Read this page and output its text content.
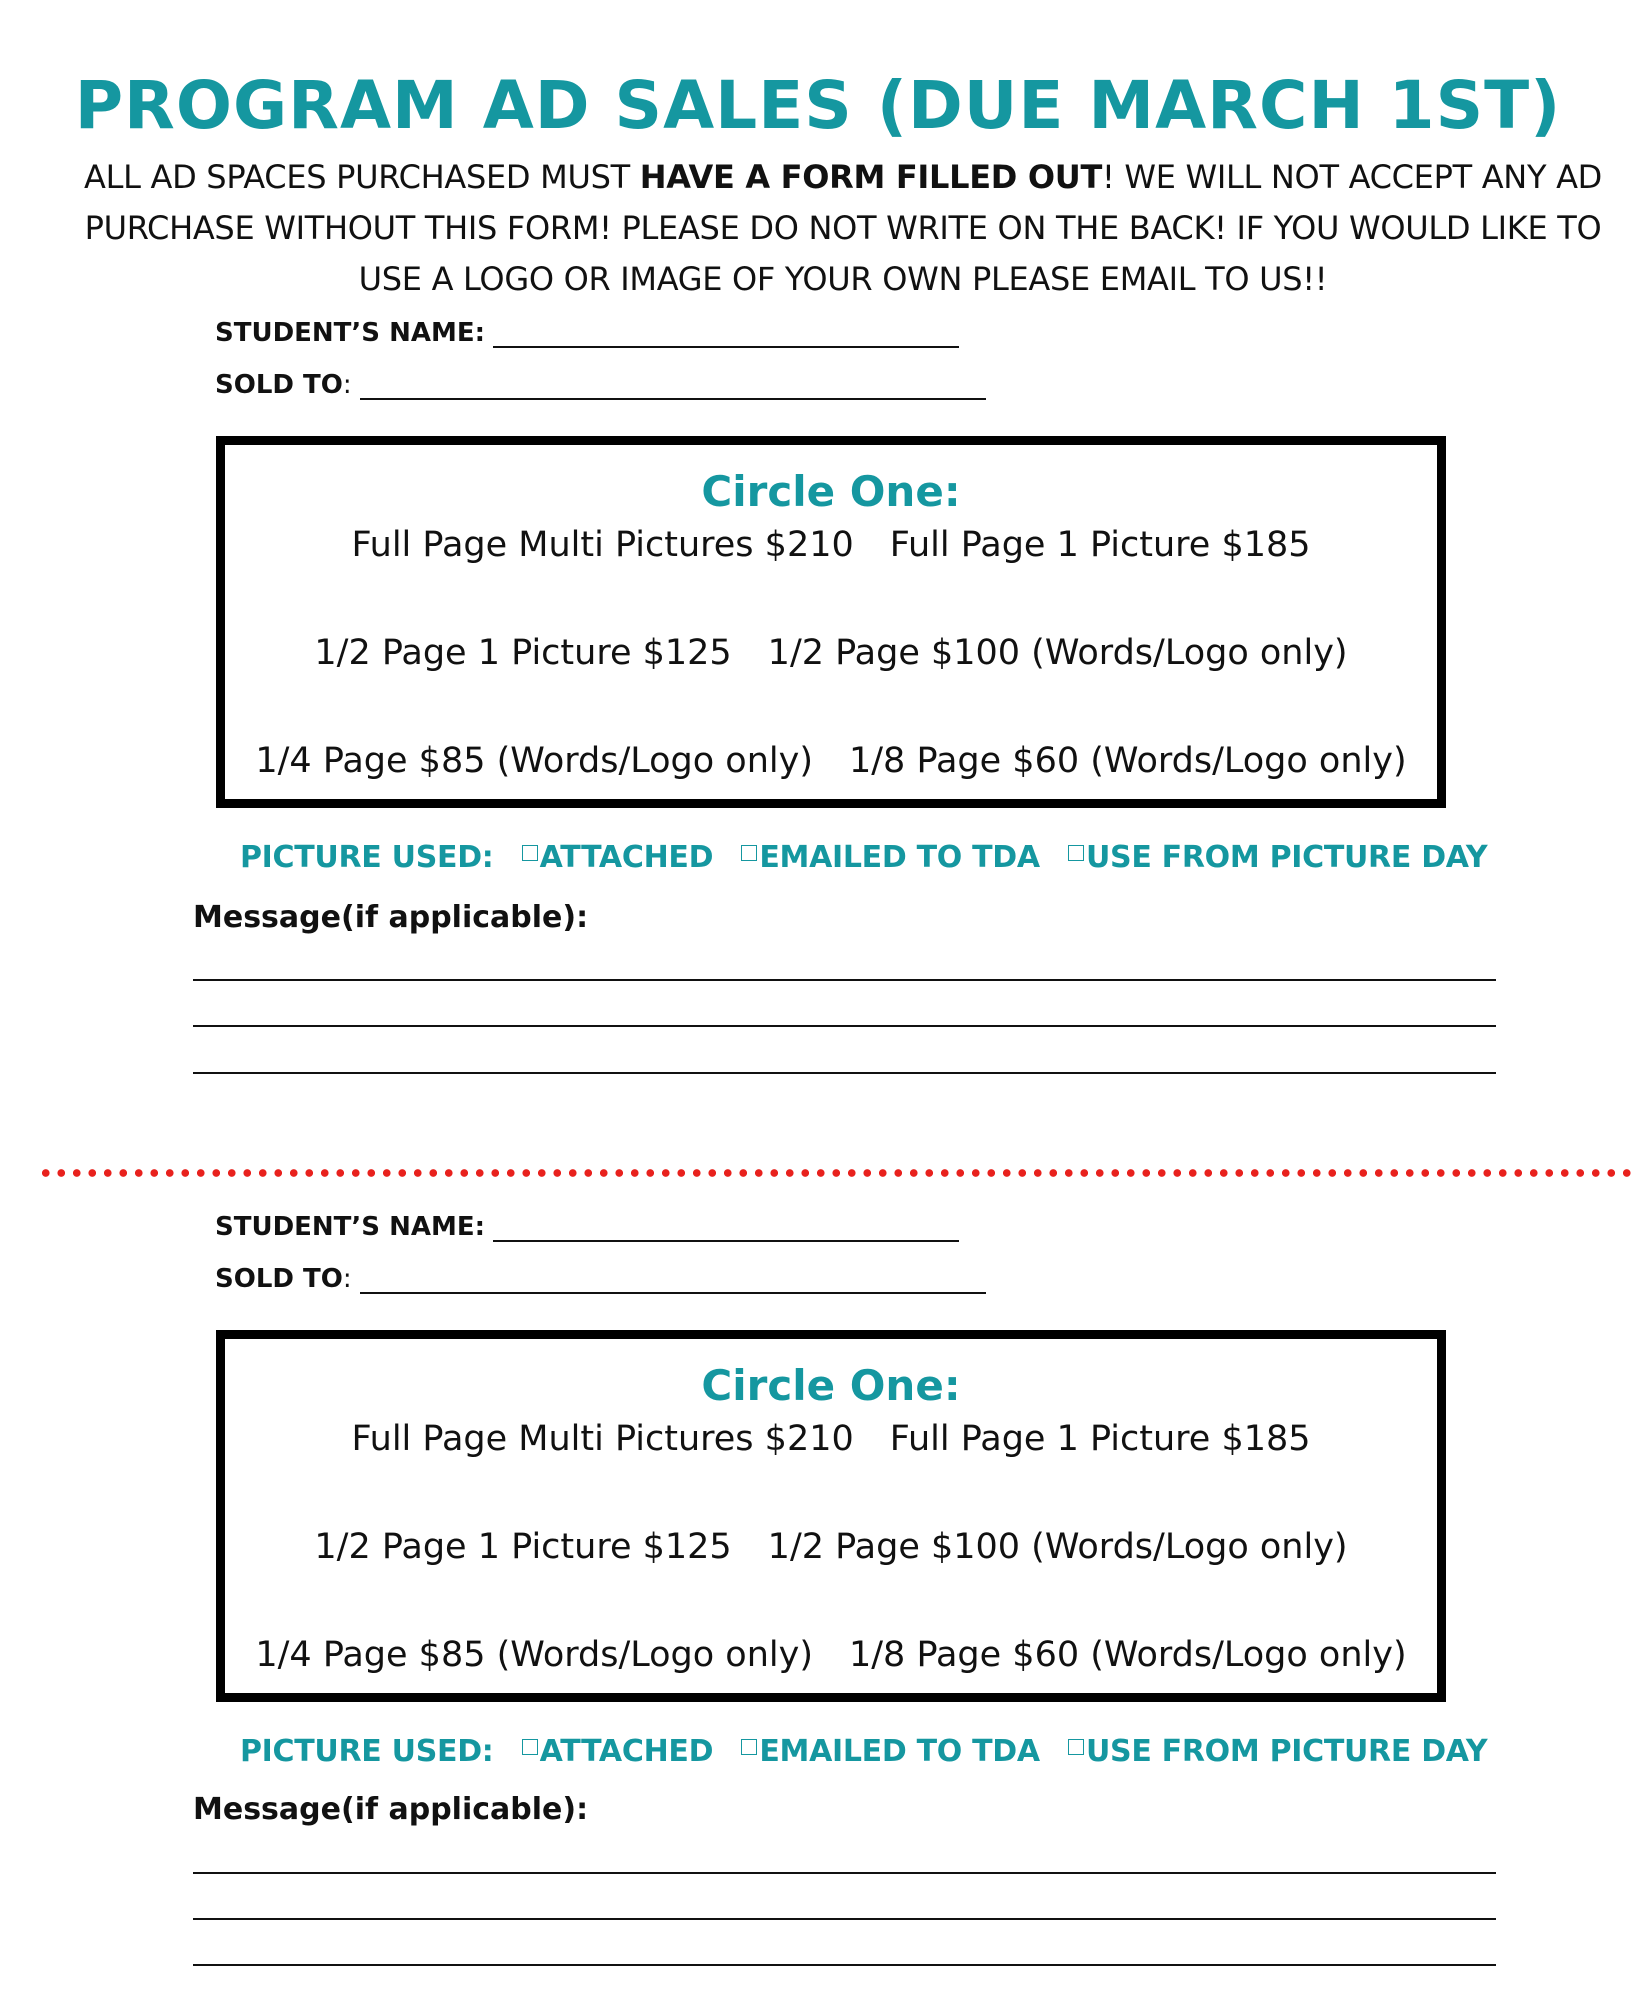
PROGRAM AD SALES (DUE MARCH 1ST)
ALL AD SPACES PURCHASED MUST HAVE A FORM FILLED OUT! WE WILL NOT ACCEPT ANY AD PURCHASE WITHOUT THIS FORM! PLEASE DO NOT WRITE ON THE BACK! IF YOU WOULD LIKE TO USE A LOGO OR IMAGE OF YOUR OWN PLEASE EMAIL TO US!!
STUDENT’S NAME:
SOLD TO :
Circle One:
Full Page Multi Pictures $210 Full Page 1 Picture $185
1/2 Page 1 Picture $125 1/2 Page $100 (Words/Logo only)
1/4 Page $85 (Words/Logo only) 1/8 Page $60 (Words/Logo only)
PICTURE USED: ATTACHED EMAILED TO TDA USE FROM PICTURE DAY
Message(if applicable):
STUDENT’S NAME:
SOLD TO :
Circle One:
Full Page Multi Pictures $210 Full Page 1 Picture $185
1/2 Page 1 Picture $125 1/2 Page $100 (Words/Logo only)
1/4 Page $85 (Words/Logo only) 1/8 Page $60 (Words/Logo only)
PICTURE USED: ATTACHED EMAILED TO TDA USE FROM PICTURE DAY
Message(if applicable):
